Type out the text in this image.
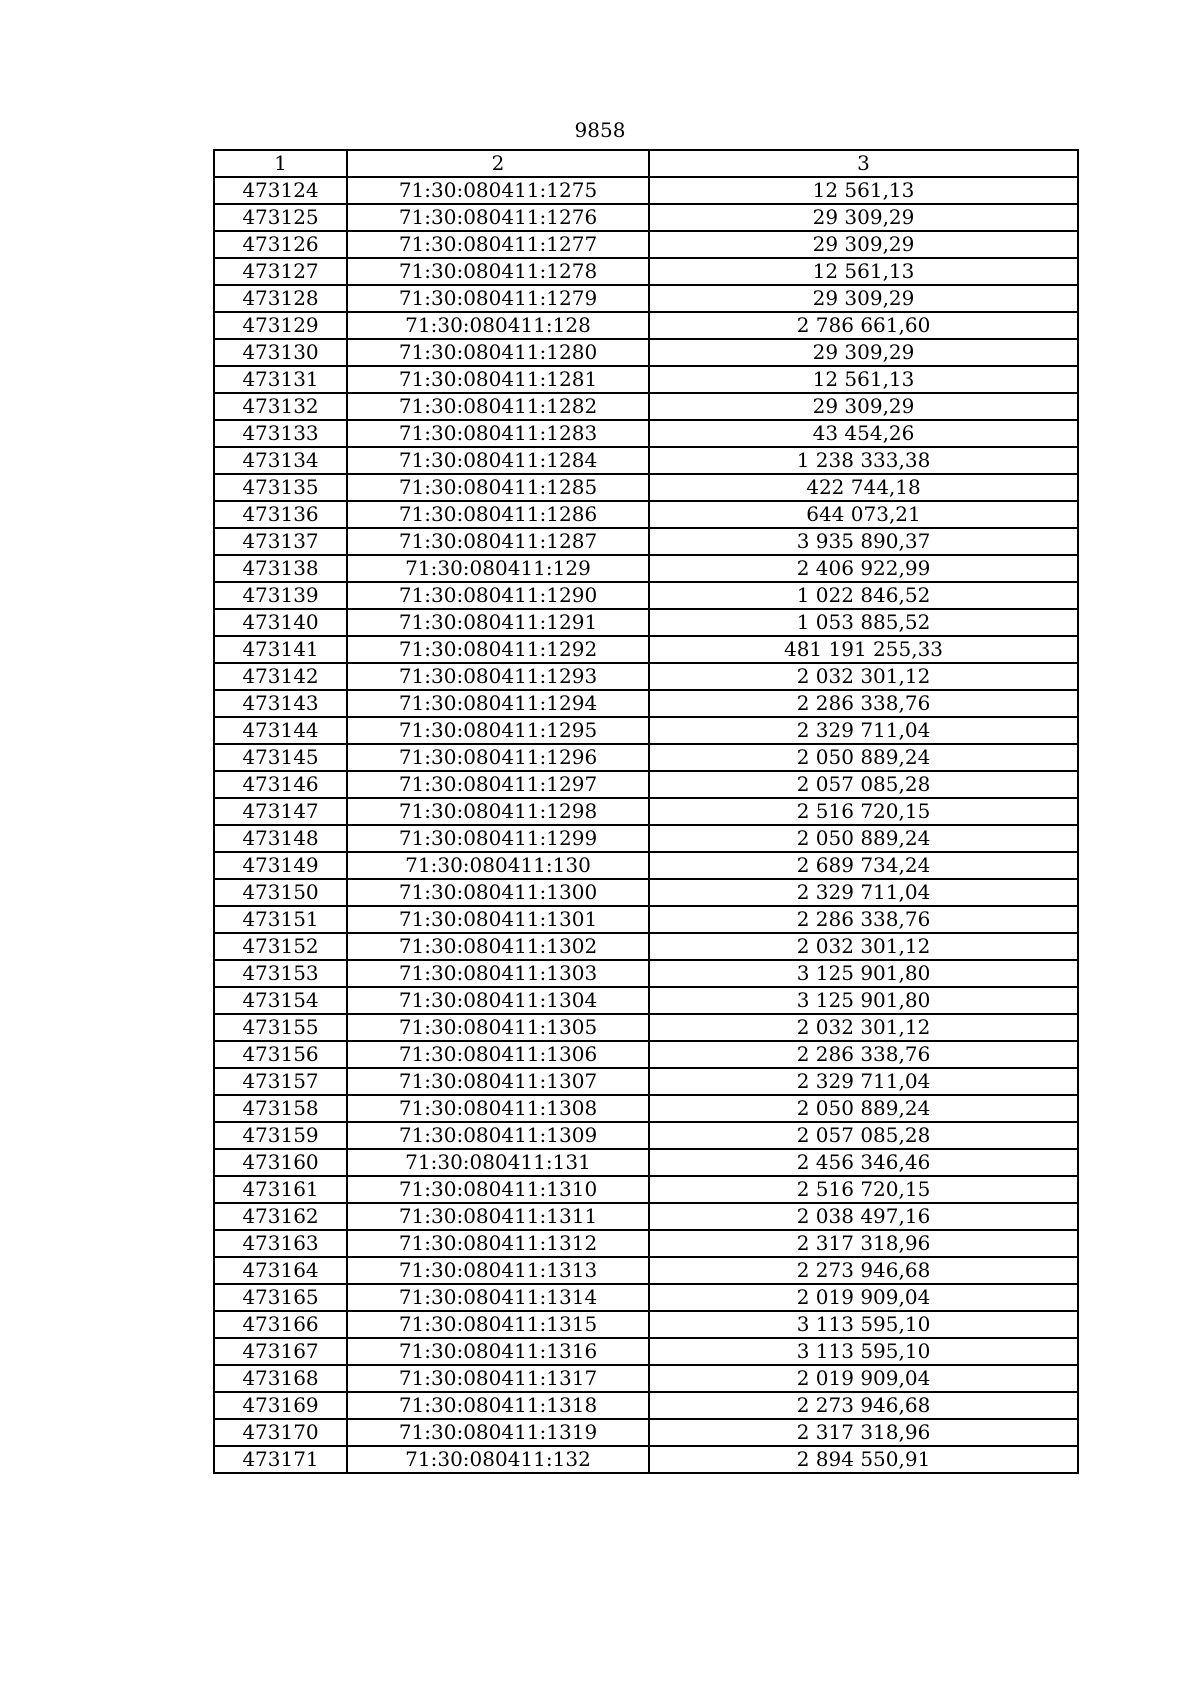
9858
1	2	3
473124	71:30:080411:1275	12 561,13
473125	71:30:080411:1276	29 309,29
473126	71:30:080411:1277	29 309,29
473127	71:30:080411:1278	12 561,13
473128	71:30:080411:1279	29 309,29
473129	71:30:080411:128	2 786 661,60
473130	71:30:080411:1280	29 309,29
473131	71:30:080411:1281	12 561,13
473132	71:30:080411:1282	29 309,29
473133	71:30:080411:1283	43 454,26
473134	71:30:080411:1284	1 238 333,38
473135	71:30:080411:1285	422 744,18
473136	71:30:080411:1286	644 073,21
473137	71:30:080411:1287	3 935 890,37
473138	71:30:080411:129	2 406 922,99
473139	71:30:080411:1290	1 022 846,52
473140	71:30:080411:1291	1 053 885,52
473141	71:30:080411:1292	481 191 255,33
473142	71:30:080411:1293	2 032 301,12
473143	71:30:080411:1294	2 286 338,76
473144	71:30:080411:1295	2 329 711,04
473145	71:30:080411:1296	2 050 889,24
473146	71:30:080411:1297	2 057 085,28
473147	71:30:080411:1298	2 516 720,15
473148	71:30:080411:1299	2 050 889,24
473149	71:30:080411:130	2 689 734,24
473150	71:30:080411:1300	2 329 711,04
473151	71:30:080411:1301	2 286 338,76
473152	71:30:080411:1302	2 032 301,12
473153	71:30:080411:1303	3 125 901,80
473154	71:30:080411:1304	3 125 901,80
473155	71:30:080411:1305	2 032 301,12
473156	71:30:080411:1306	2 286 338,76
473157	71:30:080411:1307	2 329 711,04
473158	71:30:080411:1308	2 050 889,24
473159	71:30:080411:1309	2 057 085,28
473160	71:30:080411:131	2 456 346,46
473161	71:30:080411:1310	2 516 720,15
473162	71:30:080411:1311	2 038 497,16
473163	71:30:080411:1312	2 317 318,96
473164	71:30:080411:1313	2 273 946,68
473165	71:30:080411:1314	2 019 909,04
473166	71:30:080411:1315	3 113 595,10
473167	71:30:080411:1316	3 113 595,10
473168	71:30:080411:1317	2 019 909,04
473169	71:30:080411:1318	2 273 946,68
473170	71:30:080411:1319	2 317 318,96
473171	71:30:080411:132	2 894 550,91
